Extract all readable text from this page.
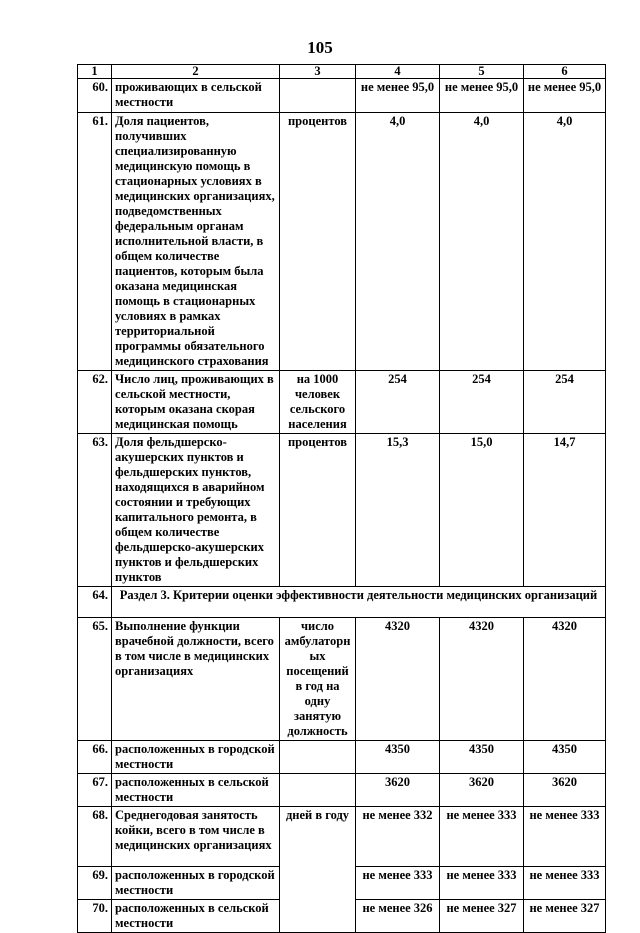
105
1	2	3	4	5	6
60.	проживающих в сельской местности		не менее 95,0	не менее 95,0	не менее 95,0
61.	Доля пациентов, получивших специализированную медицинскую помощь в стационарных условиях в медицинских организациях, подведомственных федеральным органам исполнительной власти, в общем количестве пациентов, которым была оказана медицинская помощь в стационарных условиях в рамках территориальной программы обязательного медицинского страхования	процентов	4,0	4,0	4,0
62.	Число лиц, проживающих в сельской местности, которым оказана скорая медицинская помощь	на 1000 человек сельского населения	254	254	254
63.	Доля фельдшерско-акушерских пунктов и фельдшерских пунктов, находящихся в аварийном состоянии и требующих капитального ремонта, в общем количестве фельдшерско-акушерских пунктов и фельдшерских пунктов	процентов	15,3	15,0	14,7
64.	Раздел 3. Критерии оценки эффективности деятельности медицинских организаций				
65.	Выполнение функции врачебной должности, всего в том числе в медицинских организациях	число амбулаторных посещений в год на одну занятую должность	4320	4320	4320
66.	расположенных в городской местности		4350	4350	4350
67.	расположенных в сельской местности		3620	3620	3620
68.	Среднегодовая занятость койки, всего в том числе в медицинских организациях	дней в году	не менее 332	не менее 333	не менее 333
69.	расположенных в городской местности		не менее 333	не менее 333	не менее 333
70.	расположенных в сельской местности		не менее 326	не менее 327	не менее 327
